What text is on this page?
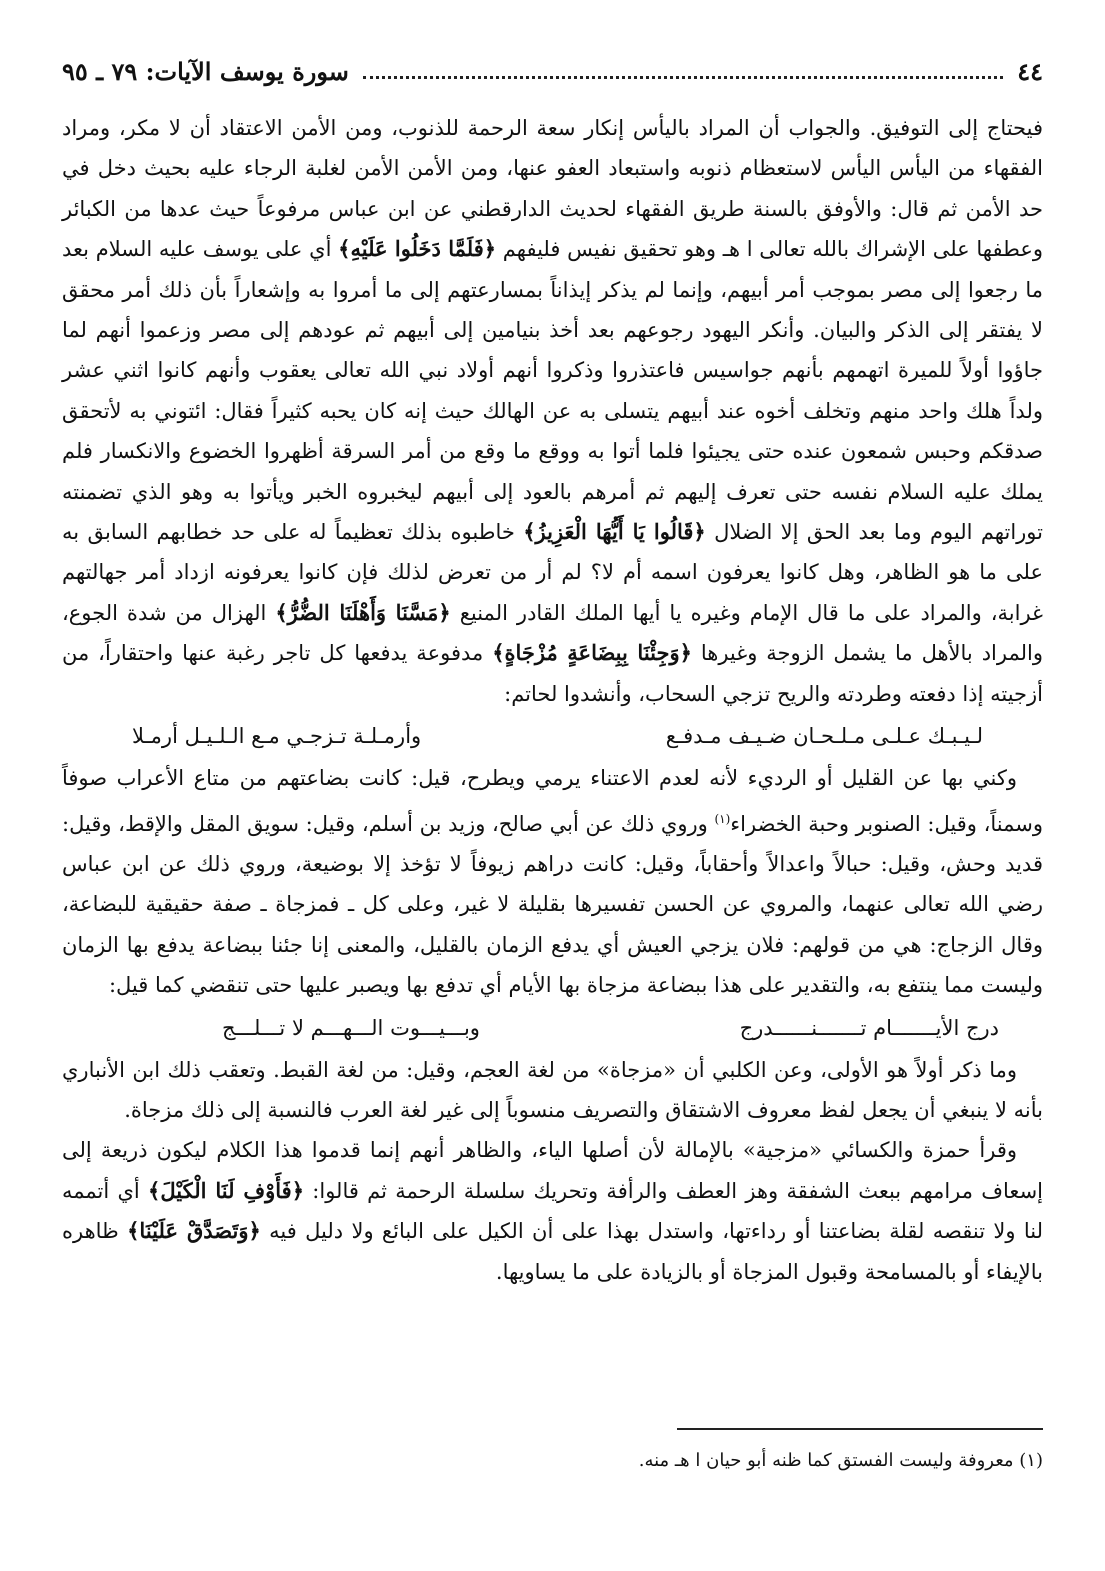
٤٤
سورة يوسف الآيات: ٧٩ ـ ٩٥

فيحتاج إلى التوفيق. والجواب أن المراد باليأس إنكار سعة الرحمة للذنوب، ومن الأمن الاعتقاد أن لا مكر، ومراد الفقهاء من اليأس اليأس لاستعظام ذنوبه واستبعاد العفو عنها، ومن الأمن الأمن لغلبة الرجاء عليه بحيث دخل في حد الأمن ثم قال: والأوفق بالسنة طريق الفقهاء لحديث الدارقطني عن ابن عباس مرفوعاً حيث عدها من الكبائر وعطفها على الإشراك بالله تعالى ا هـ وهو تحقيق نفيس فليفهم ﴿فَلَمَّا دَخَلُوا عَلَيْهِ﴾ أي على يوسف عليه السلام بعد ما رجعوا إلى مصر بموجب أمر أبيهم، وإنما لم يذكر إيذاناً بمسارعتهم إلى ما أمروا به وإشعاراً بأن ذلك أمر محقق لا يفتقر إلى الذكر والبيان. وأنكر اليهود رجوعهم بعد أخذ بنيامين إلى أبيهم ثم عودهم إلى مصر وزعموا أنهم لما جاؤوا أولاً للميرة اتهمهم بأنهم جواسيس فاعتذروا وذكروا أنهم أولاد نبي الله تعالى يعقوب وأنهم كانوا اثني عشر ولداً هلك واحد منهم وتخلف أخوه عند أبيهم يتسلى به عن الهالك حيث إنه كان يحبه كثيراً فقال: ائتوني به لأتحقق صدقكم وحبس شمعون عنده حتى يجيئوا فلما أتوا به ووقع ما وقع من أمر السرقة أظهروا الخضوع والانكسار فلم يملك عليه السلام نفسه حتى تعرف إليهم ثم أمرهم بالعود إلى أبيهم ليخبروه الخبر ويأتوا به وهو الذي تضمنته توراتهم اليوم وما بعد الحق إلا الضلال ﴿قَالُوا يَا أَيُّهَا الْعَزِيزُ﴾ خاطبوه بذلك تعظيماً له على حد خطابهم السابق به على ما هو الظاهر، وهل كانوا يعرفون اسمه أم لا؟ لم أر من تعرض لذلك فإن كانوا يعرفونه ازداد أمر جهالتهم غرابة، والمراد على ما قال الإمام وغيره يا أيها الملك القادر المنيع ﴿مَسَّنَا وَأَهْلَنَا الضُّرُّ﴾ الهزال من شدة الجوع، والمراد بالأهل ما يشمل الزوجة وغيرها ﴿وَجِئْنَا بِبِضَاعَةٍ مُزْجَاةٍ﴾ مدفوعة يدفعها كل تاجر رغبة عنها واحتقاراً، من أزجيته إذا دفعته وطردته والريح تزجي السحاب، وأنشدوا لحاتم:

لـيـبـك عـلـى مـلـحـان ضـيـف مـدفـع
وأرمـلـة تـزجـي مـع الـلـيـل أرمـلا

وكني بها عن القليل أو الرديء لأنه لعدم الاعتناء يرمي ويطرح، قيل: كانت بضاعتهم من متاع الأعراب صوفاً وسمناً، وقيل: الصنوبر وحبة الخضراء$^{(١)}$ وروي ذلك عن أبي صالح، وزيد بن أسلم، وقيل: سويق المقل والإقط، وقيل: قديد وحش، وقيل: حبالاً واعدالاً وأحقاباً، وقيل: كانت دراهم زيوفاً لا تؤخذ إلا بوضيعة، وروي ذلك عن ابن عباس رضي الله تعالى عنهما، والمروي عن الحسن تفسيرها بقليلة لا غير، وعلى كل ـ فمزجاة ـ صفة حقيقية للبضاعة، وقال الزجاج: هي من قولهم: فلان يزجي العيش أي يدفع الزمان بالقليل، والمعنى إنا جئنا ببضاعة يدفع بها الزمان وليست مما ينتفع به، والتقدير على هذا ببضاعة مزجاة بها الأيام أي تدفع بها ويصبر عليها حتى تنقضي كما قيل:

درج الأيـــــــام تـــــــنــــــدرج
وبـــيـــوت الـــهـــم لا تـــلـــج

وما ذكر أولاً هو الأولى، وعن الكلبي أن «مزجاة» من لغة العجم، وقيل: من لغة القبط. وتعقب ذلك ابن الأنباري بأنه لا ينبغي أن يجعل لفظ معروف الاشتقاق والتصريف منسوباً إلى غير لغة العرب فالنسبة إلى ذلك مزجاة.

وقرأ حمزة والكسائي «مزجية» بالإمالة لأن أصلها الياء، والظاهر أنهم إنما قدموا هذا الكلام ليكون ذريعة إلى إسعاف مرامهم ببعث الشفقة وهز العطف والرأفة وتحريك سلسلة الرحمة ثم قالوا: ﴿فَأَوْفِ لَنَا الْكَيْلَ﴾ أي أتممه لنا ولا تنقصه لقلة بضاعتنا أو رداءتها، واستدل بهذا على أن الكيل على البائع ولا دليل فيه ﴿وَتَصَدَّقْ عَلَيْنَا﴾ ظاهره بالإيفاء أو بالمسامحة وقبول المزجاة أو بالزيادة على ما يساويها.

(١) معروفة وليست الفستق كما ظنه أبو حيان ا هـ منه.
